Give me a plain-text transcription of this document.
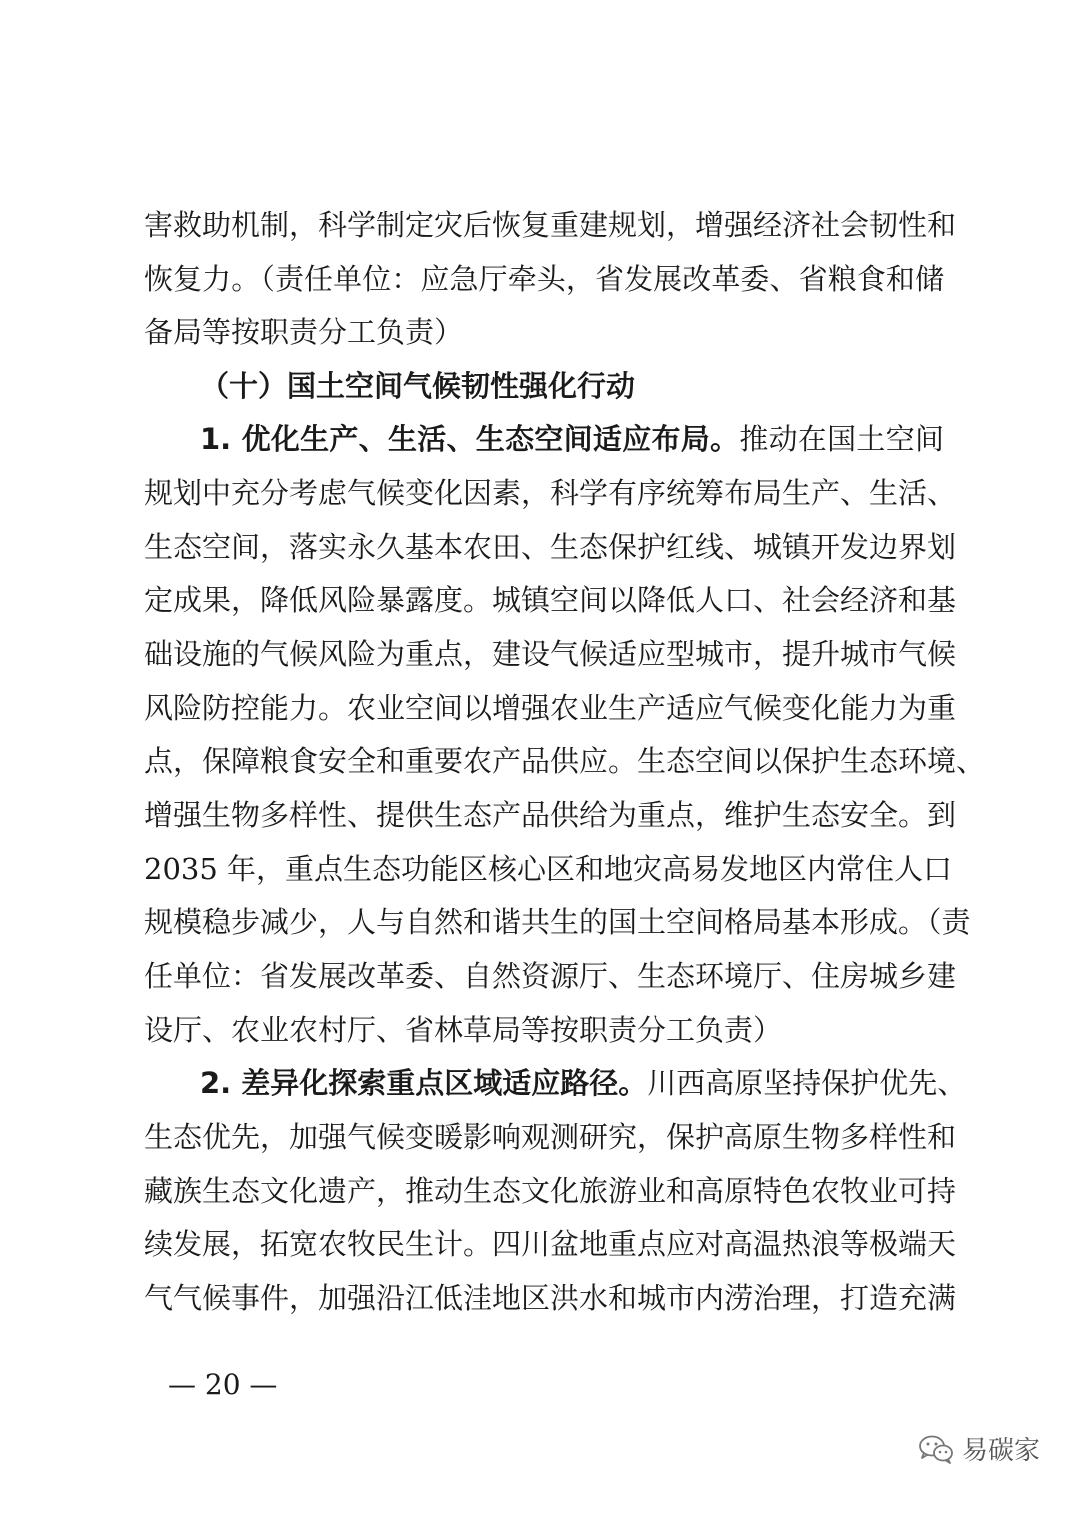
害救助机制，科学制定灾后恢复重建规划，增强经济社会韧性和
恢复力。（责任单位：应急厅牵头，省发展改革委、省粮食和储
备局等按职责分工负责）
（十）国土空间气候韧性强化行动
1. 优化生产、生活、生态空间适应布局。推动在国土空间
规划中充分考虑气候变化因素，科学有序统筹布局生产、生活、
生态空间，落实永久基本农田、生态保护红线、城镇开发边界划
定成果，降低风险暴露度。城镇空间以降低人口、社会经济和基
础设施的气候风险为重点，建设气候适应型城市，提升城市气候
风险防控能力。农业空间以增强农业生产适应气候变化能力为重
点，保障粮食安全和重要农产品供应。生态空间以保护生态环境、
增强生物多样性、提供生态产品供给为重点，维护生态安全。到
2035 年，重点生态功能区核心区和地灾高易发地区内常住人口
规模稳步减少，人与自然和谐共生的国土空间格局基本形成。（责
任单位：省发展改革委、自然资源厅、生态环境厅、住房城乡建
设厅、农业农村厅、省林草局等按职责分工负责）
2. 差异化探索重点区域适应路径。川西高原坚持保护优先、
生态优先，加强气候变暖影响观测研究，保护高原生物多样性和
藏族生态文化遗产，推动生态文化旅游业和高原特色农牧业可持
续发展，拓宽农牧民生计。四川盆地重点应对高温热浪等极端天
气气候事件，加强沿江低洼地区洪水和城市内涝治理，打造充满
— 20 —
易碳家
